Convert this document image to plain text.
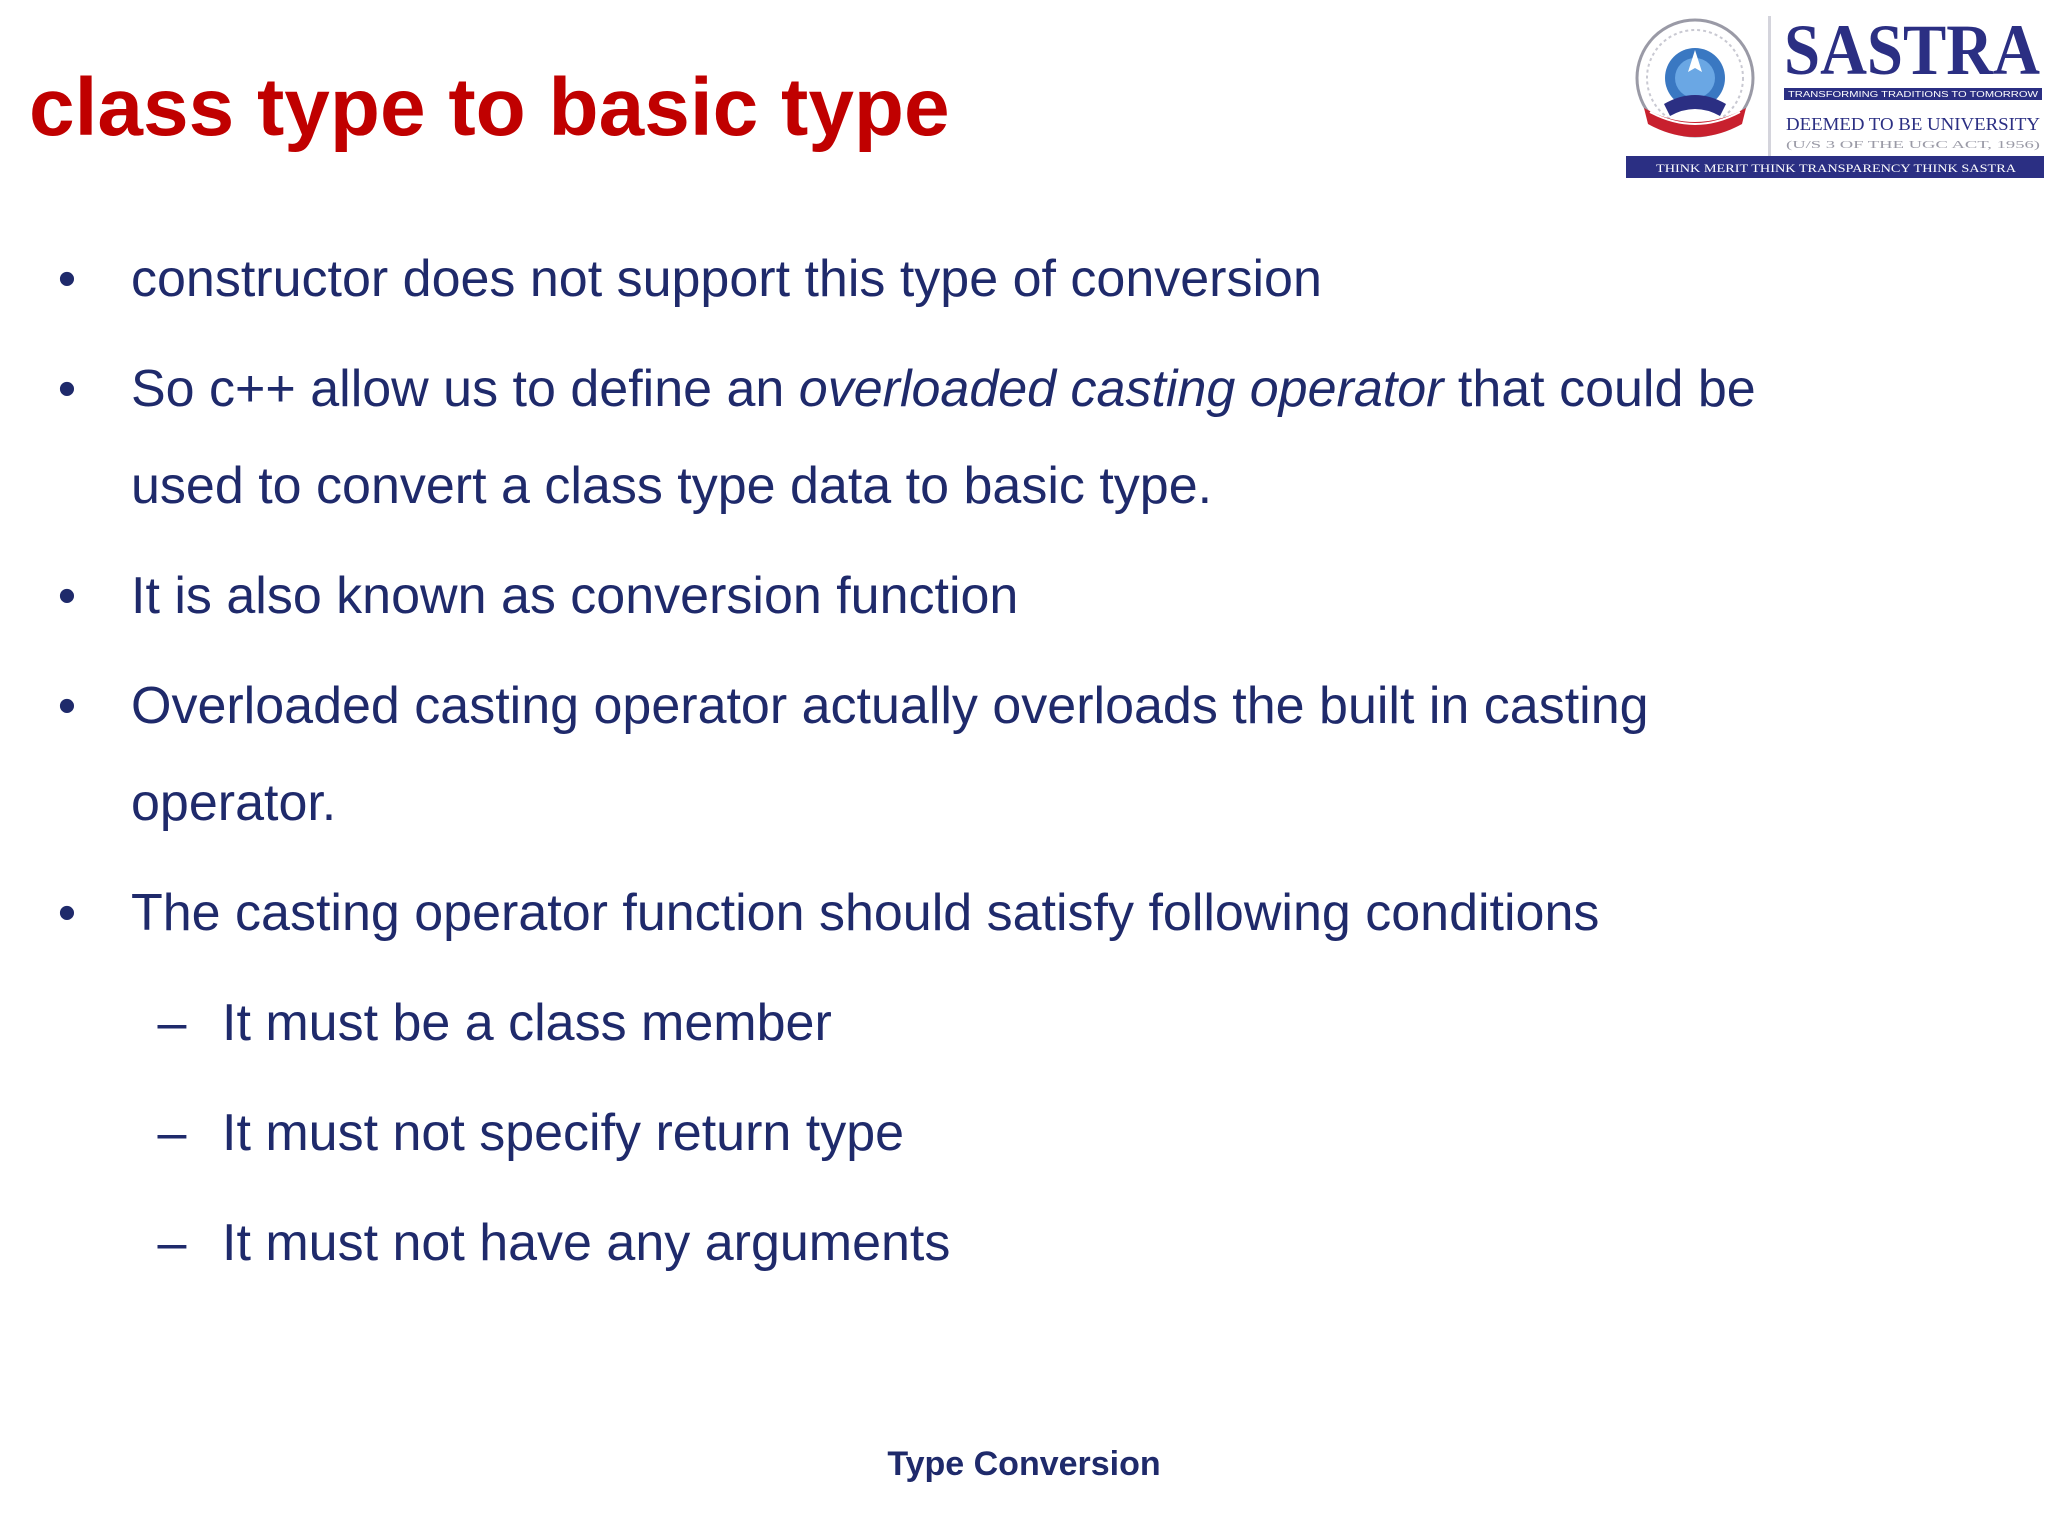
class type to basic type
SASTRA
TRANSFORMING TRADITIONS TO TOMORROW
DEEMED TO BE UNIVERSITY
(U/S 3 OF THE UGC ACT, 1956)
THINK MERIT THINK TRANSPARENCY THINK SASTRA
• constructor does not support this type of conversion
• So c++ allow us to define an overloaded casting operator that could be
used to convert a class type data to basic type.
• It is also known as conversion function
• Overloaded casting operator actually overloads the built in casting
operator.
• The casting operator function should satisfy following conditions
– It must be a class member
– It must not specify return type
– It must not have any arguments
Type Conversion
